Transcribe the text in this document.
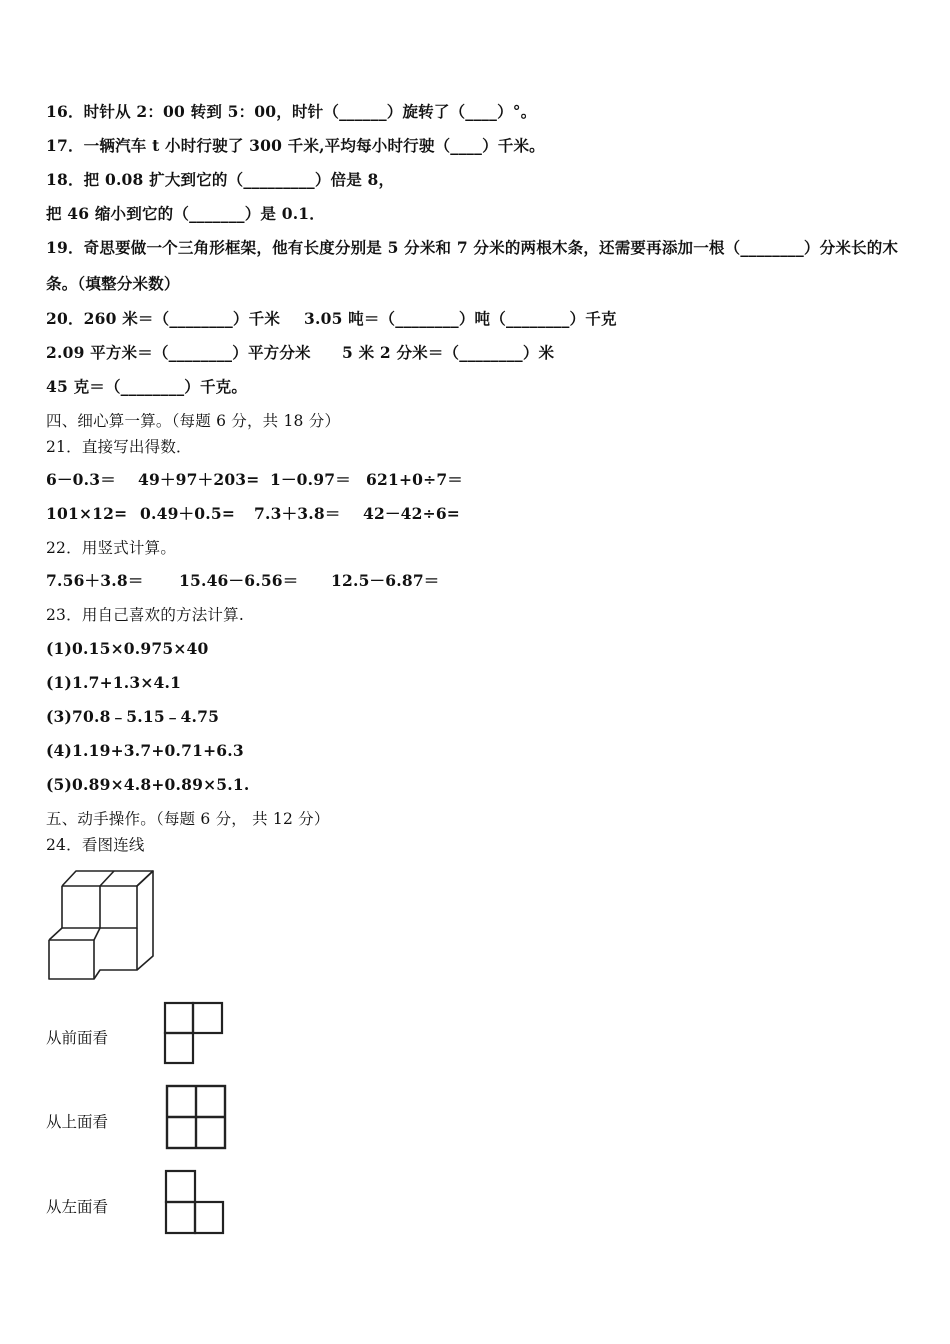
16．时针从 2：00 转到 5：00，时针（______）旋转了（____）°。
17．一辆汽车 t 小时行驶了 300 千米,平均每小时行驶（____）千米。
18．把 0.08 扩大到它的（_________）倍是 8，
把 46 缩小到它的（_______）是 0.1．
19．奇思要做一个三角形框架，他有长度分别是 5 分米和 7 分米的两根木条，还需要再添加一根（________）分米长的木条。（填整分米数）
20．260 米＝（________）千米 3.05 吨＝（________）吨（________）千克
2.09 平方米＝（________）平方分米 5 米 2 分米＝（________）米
45 克＝（________）千克。
四、细心算一算。（每题 6 分，共 18 分）
21．直接写出得数．
6－0.3＝ 49＋97＋203= 1－0.97＝ 621+0÷7＝
101×12= 0.49＋0.5= 7.3＋3.8＝ 42－42÷6=
22．用竖式计算。
7.56＋3.8＝ 15.46－6.56＝ 12.5－6.87＝
23．用自己喜欢的方法计算.
(1)0.15×0.975×40
(1)1.7+1.3×4.1
(3)70.8﹣5.15﹣4.75
(4)1.19+3.7+0.71+6.3
(5)0.89×4.8+0.89×5.1.
五、动手操作。（每题 6 分， 共 12 分）
24．看图连线
从前面看
从上面看
从左面看
